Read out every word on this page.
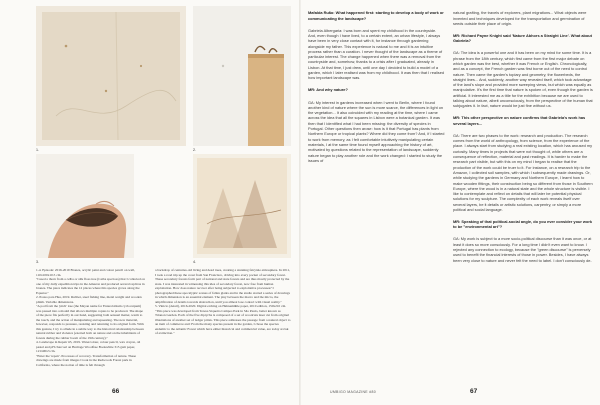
1.	2.
3.	4.
1-4. Episode: 2016-2019 Bronze, acrylic paint and colour pencil on wall, 110x100x10.5 cm.
"I used a thorn from a celba or silk floss tree (Ceiba speciosa) that I collected on one of my daily expedition trips in the Amazon and produced several replicas in bronze. The piece indicates the 12 places where this species grows along the Equator."
2. Pouso para Hua, 2019. Rubber, steel fishing line, metal weight and wooden plinth. Variable dimensions.
"A pod from the 'pitch' tree (the Mayan name for Enterolobium cyclocarpum) was passed into a mould that allows multiple copies to be produced. The shape of the piece fits perfectly in our hand, suggesting both sensual matter, warm to the touch, and the action of manipulating and squeezing. The new material, however, responds to pressure, resisting and returning to its original form. With this gesture, I try to allude in a subtle way to the historical relationship between natural rubber and violence (exerted both on nature and on the inhabitants of forests during the rubber boom of the 19th century)."
4. Landscape in Repair #3, 2019. Watercolour, colour pencil, wax crayon, oil pastel and pH charcoal on Heritage Woodfree Bookwhite 315 gsm paper, 121x90x3 cm.
"Enter the 'repair'. Processes of recovery. Transformation of nature. These drawings are made from images I took in the Redwoods Forest park in California, where the notion of time is felt through
a backdrop of centuries-old living and dead trees, creating a stunning fairytale atmosphere. In 2011, I took a road trip up the coast from San Francisco, driving into every pocket of secondary forest. These secondary forests form part of national and state forests and are thus mostly protected by the state. I was interested in witnessing this idea of secondary forest, now free from human exploitation. How does nature recover after being subjected to exploitative processes? I photographed these apocalyptic scenes of fallen giants and in the studio started a series of drawings in which dimension is an essential element. The play between the macro and the micro, the amplification of details towards abstraction, until you almost lose contact with visual reality."
5. Vinicio (detail), 2016-2020. Digital etching on Hahnemühle paper, 2010 edition, 150x210 cm.
"This piece was developed from Teresa Siqueira Campos Park in São Paulo, better known as Trianon Garden. Each of the five diptychs is composed of a set of woodcuts laser cut from original illustrations of another set of ledger prints. This piece addresses the passage from a natural object to an item of commerce and: From the many species present in the garden, I chose the species endemic to the Atlantic Forest which have either historical and commercial value, are today at risk of extinction."
66

Mafalda Ruão: What happened first: starting to develop a body of work or communicating the landscape?

Gabriela Albergaria: I was born and spent my childhood in the countryside. And, even though I have lived, to a certain extent, an urban lifestyle, I always have been in very close contact with it, for instance through gardening alongside my father. This experience is natural to me and it is an intuitive process rather than a curation. I never thought of the landscape as a theme of particular interest. The change happened when there was a removal from the countryside and, somehow, thanks to a crisis after I graduated, already in Lisbon. At that time, I just drew, until one day I decided to build a model of a garden, which I later realised was from my childhood. It was then that I realised how important landscape was.

MR: And why nature?

GA: My interest in gardens increased when I went to Berlin, where I found another kind of nature where the sun is more scarce, the differences in light on the vegetation... It also coincided with my reading at the time, where I came across the idea that all the squares in Lisbon were a botanical garden. It was then that I identified what I had been missing: the diversity of species in Portugal. Other questions then arose: how is it that Portugal has plants from Northern Europe or tropical plants? Where did they come from? And, if I started to work from memory, as I felt comfortable intuitively manipulating certain materials, I at the same time found myself approaching the history of art, motivated by questions related to the representation of landscape, suddenly nature began to play another role and the work changed: I started to study the issues of

natural grafting, the travels of explorers, plant migrations... What objects were invented and techniques developed for the transportation and germination of seeds outside their place of origin.

MR: Richard Payne Knight said 'Nature Abhors a Straight Line'. What about Gabriela?

GA: The idea is a powerful one and it has been on my mind for some time. It is a phrase from the 18th century, which first came from the first major debate on which garden was the best, whether it was French or English. Chronologically, and as a concept, the French garden was first borne out of the need to control nature. Then came the garden's topiary and geometry, the flowerbeds, the straight lines... And, suddenly, another way revealed itself, which took advantage of the land's slope and provided more sweeping views, but which was equally as manipulative. It's the first time that nature is spoken of, even though the garden is artificial. It interested me as a title for the exhibition because we are used to talking about nature, albeit unconsciously, from the perspective of the human that subjugates it. In fact, nature would be just fine without us.

MR: This other perspective on nature confirms that Gabriela's work has several layers...

GA: There are two phases to the work: research and production. The research comes from the world of anthropology, from science, from the experience of the place. I always start from studying a real existing location, which has aroused my curiosity. Many times in projects that were not thought of, while others are a consequence of reflection, material and past readings. It is harder to make the research part visible, but with this on my mind I began to realise that the production of the work could be truer to it. For instance, on a research trip to the Amazon, I collected soil samples, with which I subsequently made drawings. Or, while studying the gardens in Germany and Northern Europe, I learnt how to make wooden fittings, their construction being so different from those in Southern Europe, where the wood is in a natural state and the whole structure is visible. I like to contemplate and reflect on details that will later be potential physical solutions for my sculpture. The complexity of each work reveals itself over several layers, be it details or artistic solutions, carpentry, or simply a more political and social language.

MR: Speaking of that political-social angle, do you ever consider your work to be "environmental art"?

GA: My work is subject to a more socio-political discourse than it was once, or at least it does so more consciously. For a long time I didn't even want to know. I rejected any connection to ecology, because the "green discourse" is perversely used to benefit the financial interests of those in power. Besides, I have always been very close to nature and never felt the need to label. I don't consciously de-

UMBIGO MAGAZINE #80	67
